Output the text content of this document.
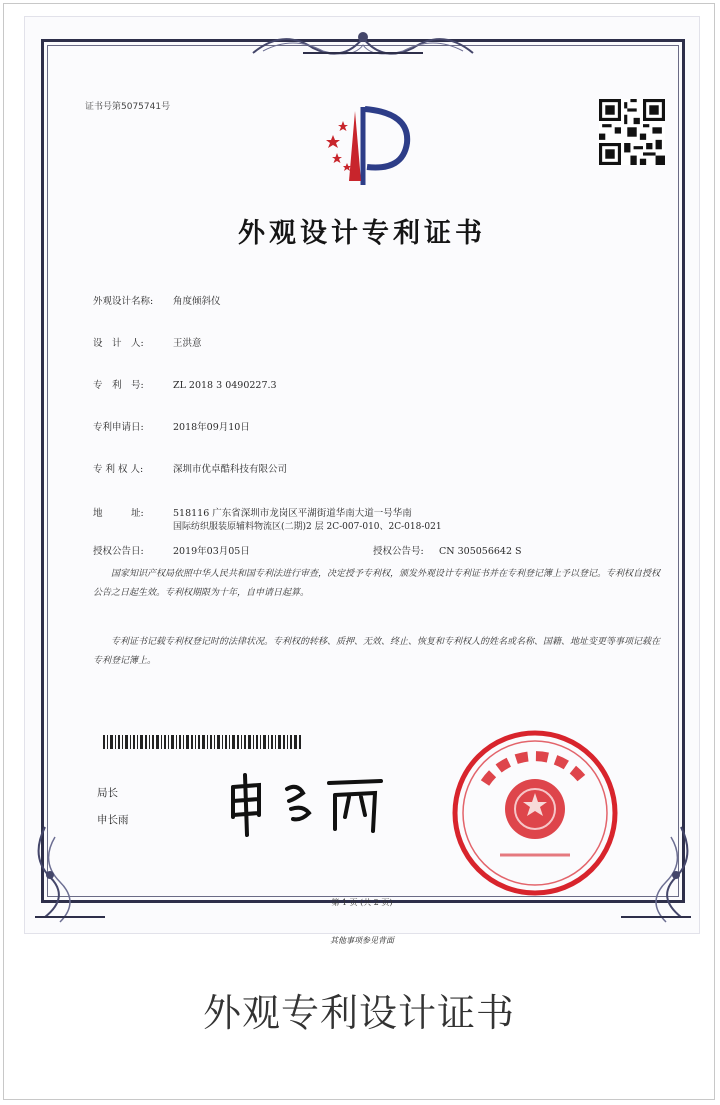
证书号第5075741号
外观设计专利证书
外观设计名称: 角度倾斜仪
设　计　人:	王洪意
专　利　号:	ZL 2018 3 0490227.3
专利申请日:	2018年09月10日
专 利 权 人:	深圳市优卓酷科技有限公司
地　　　址:	518116 广东省深圳市龙岗区平湖街道华南大道一号华南
国际纺织服装原辅料物流区(二期)2 层 2C-007-010、2C-018-021
授权公告日:	2019年03月05日	授权公告号: CN 305056642 S
国家知识产权局依照中华人民共和国专利法进行审查，决定授予专利权，颁发外观设计专利证书并在专利登记簿上予以登记。专利权自授权公告之日起生效。专利权期限为十年，自申请日起算。
专利证书记载专利权登记时的法律状况。专利权的转移、质押、无效、终止、恢复和专利权人的姓名或名称、国籍、地址变更等事项记载在专利登记簿上。
局长
申长雨
第 1 页 (共 2 页)
其他事项参见背面
外观专利设计证书
